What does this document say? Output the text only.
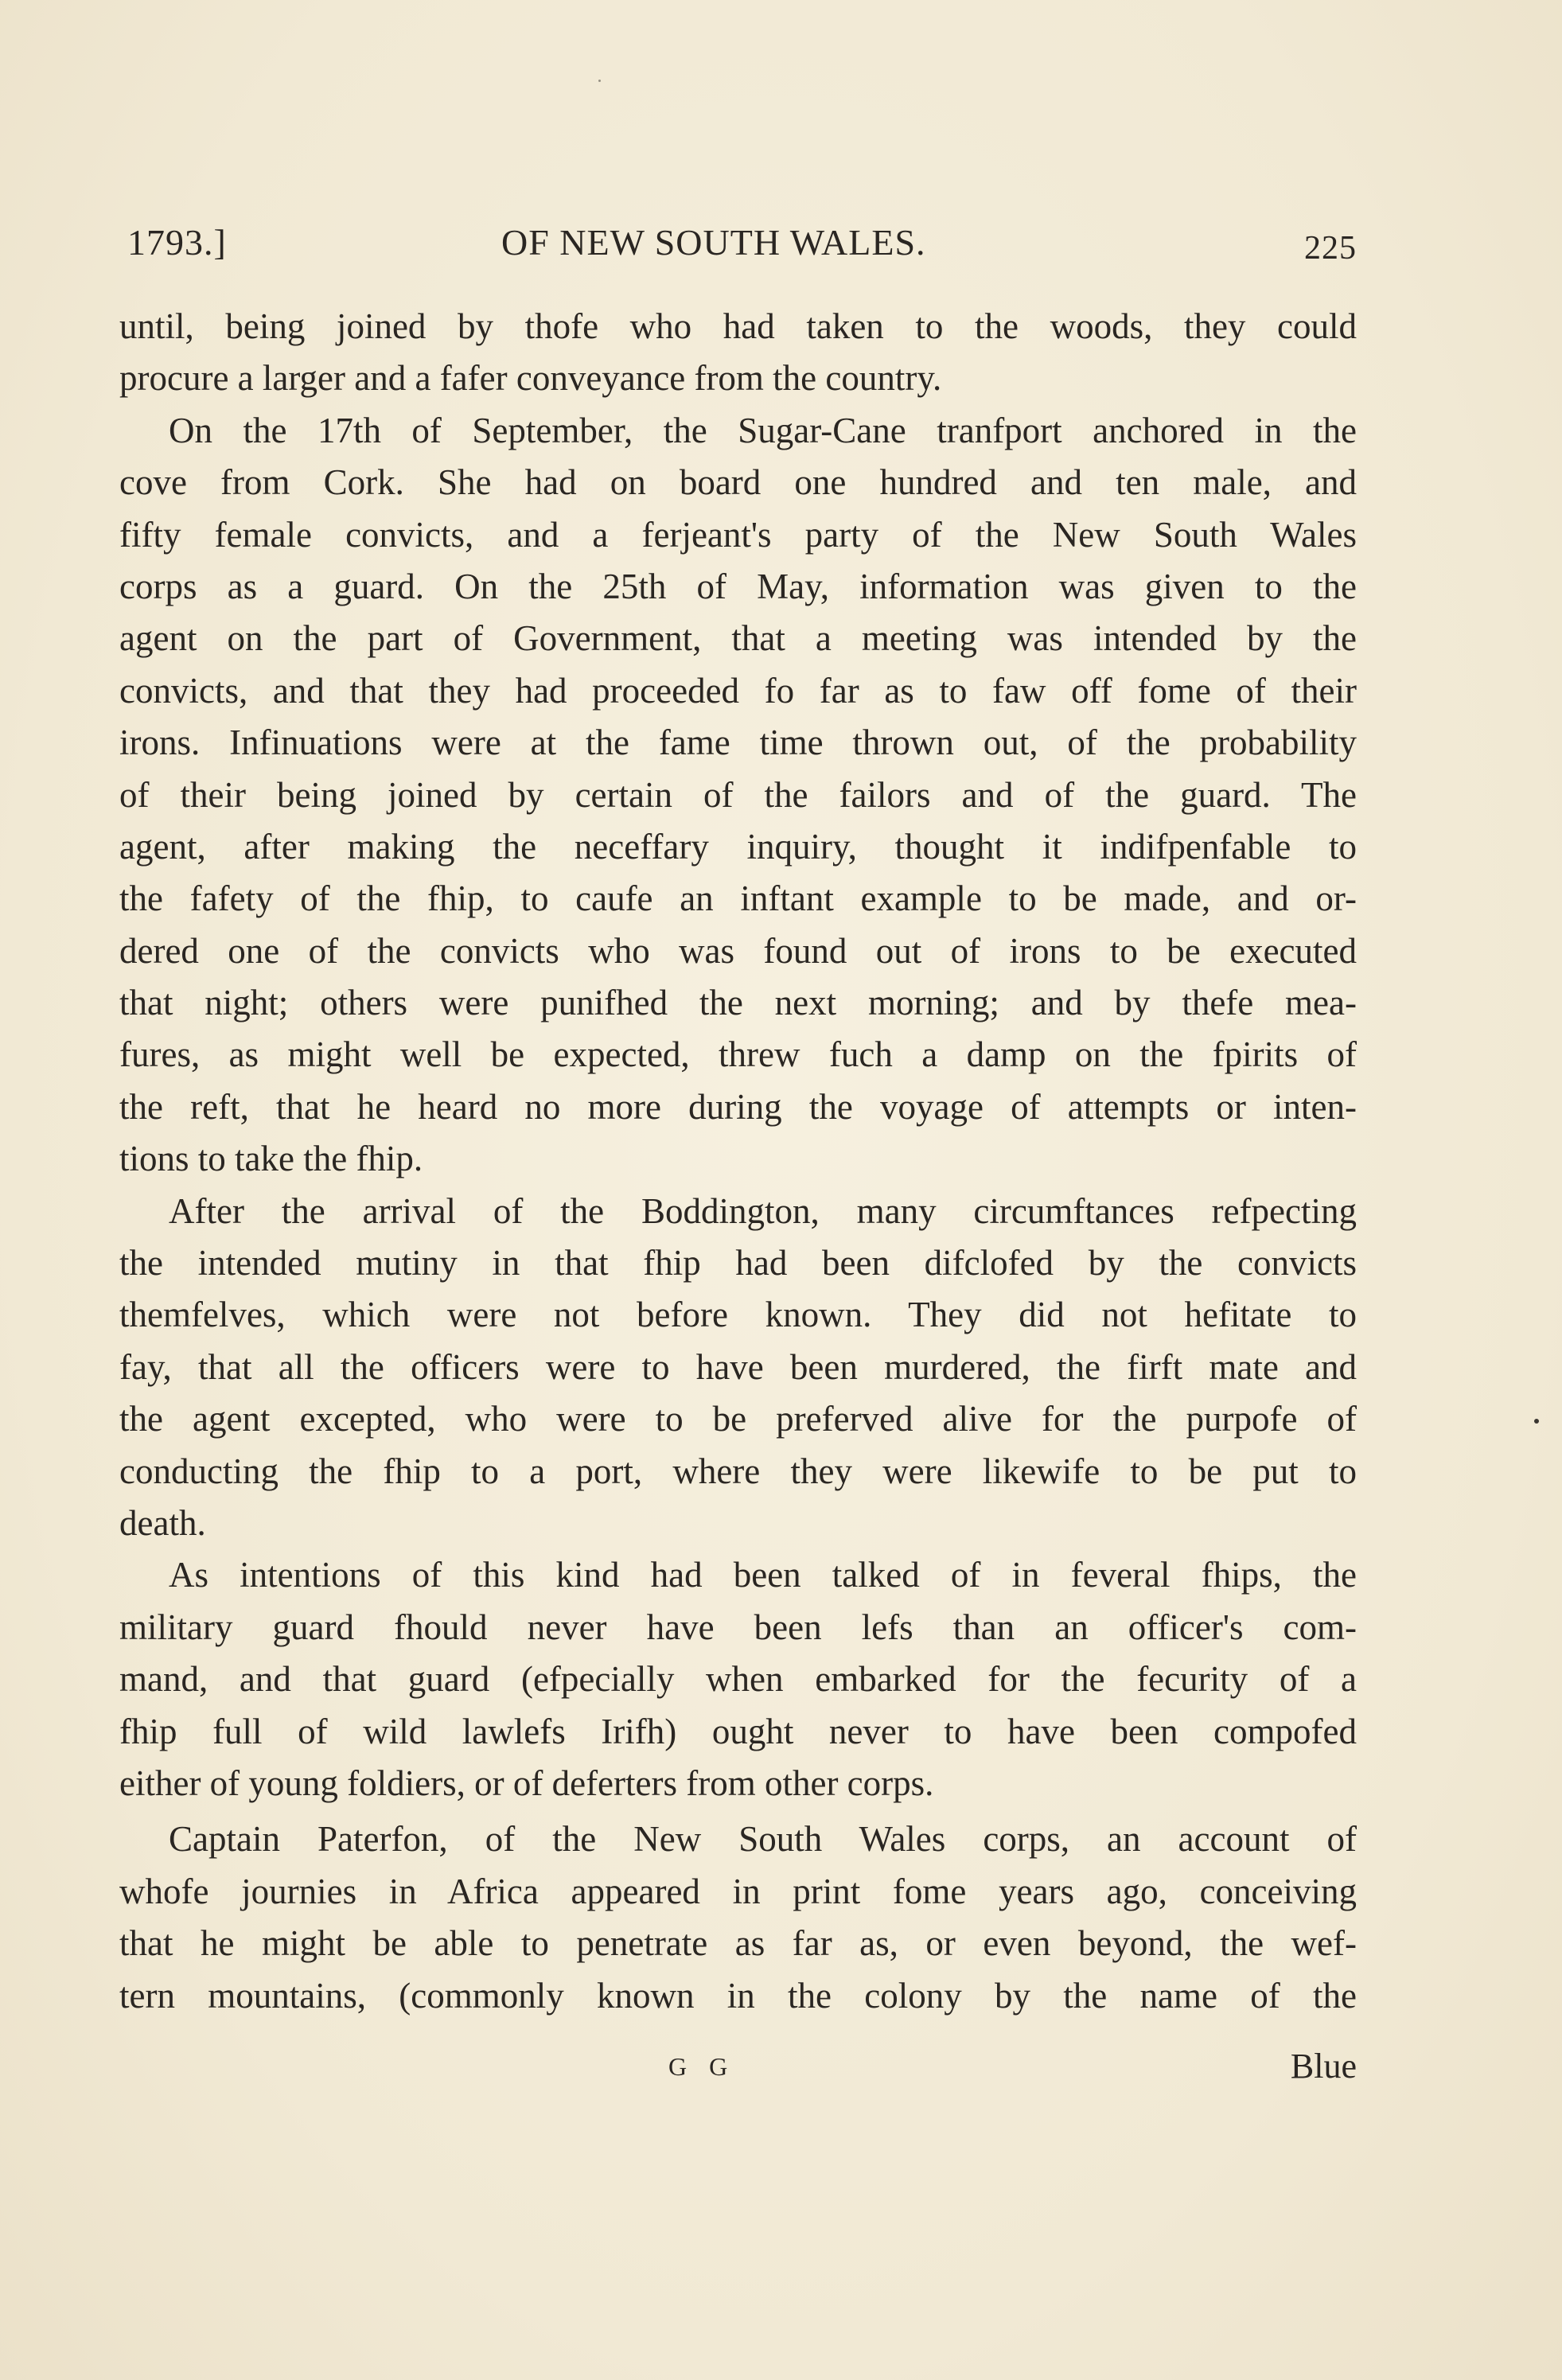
1793.]	OF NEW SOUTH WALES.	225
until, being joined by thofe who had taken to the woods, they could
procure a larger and a fafer conveyance from the country.
On the 17th of September, the Sugar-Cane tranfport anchored in the
cove from Cork. She had on board one hundred and ten male, and
fifty female convicts, and a ferjeant's party of the New South Wales
corps as a guard. On the 25th of May, information was given to the
agent on the part of Government, that a meeting was intended by the
convicts, and that they had proceeded fo far as to faw off fome of their
irons. Infinuations were at the fame time thrown out, of the probability
of their being joined by certain of the failors and of the guard. The
agent, after making the neceffary inquiry, thought it indifpenfable to
the fafety of the fhip, to caufe an inftant example to be made, and or-
dered one of the convicts who was found out of irons to be executed
that night; others were punifhed the next morning; and by thefe mea-
fures, as might well be expected, threw fuch a damp on the fpirits of
the reft, that he heard no more during the voyage of attempts or inten-
tions to take the fhip.
After the arrival of the Boddington, many circumftances refpecting
the intended mutiny in that fhip had been difclofed by the convicts
themfelves, which were not before known. They did not hefitate to
fay, that all the officers were to have been murdered, the firft mate and
the agent excepted, who were to be preferved alive for the purpofe of
conducting the fhip to a port, where they were likewife to be put to
death.
As intentions of this kind had been talked of in feveral fhips, the
military guard fhould never have been lefs than an officer's com-
mand, and that guard (efpecially when embarked for the fecurity of a
fhip full of wild lawlefs Irifh) ought never to have been compofed
either of young foldiers, or of deferters from other corps.
Captain Paterfon, of the New South Wales corps, an account of
whofe journies in Africa appeared in print fome years ago, conceiving
that he might be able to penetrate as far as, or even beyond, the wef-
tern mountains, (commonly known in the colony by the name of the
G G	Blue
